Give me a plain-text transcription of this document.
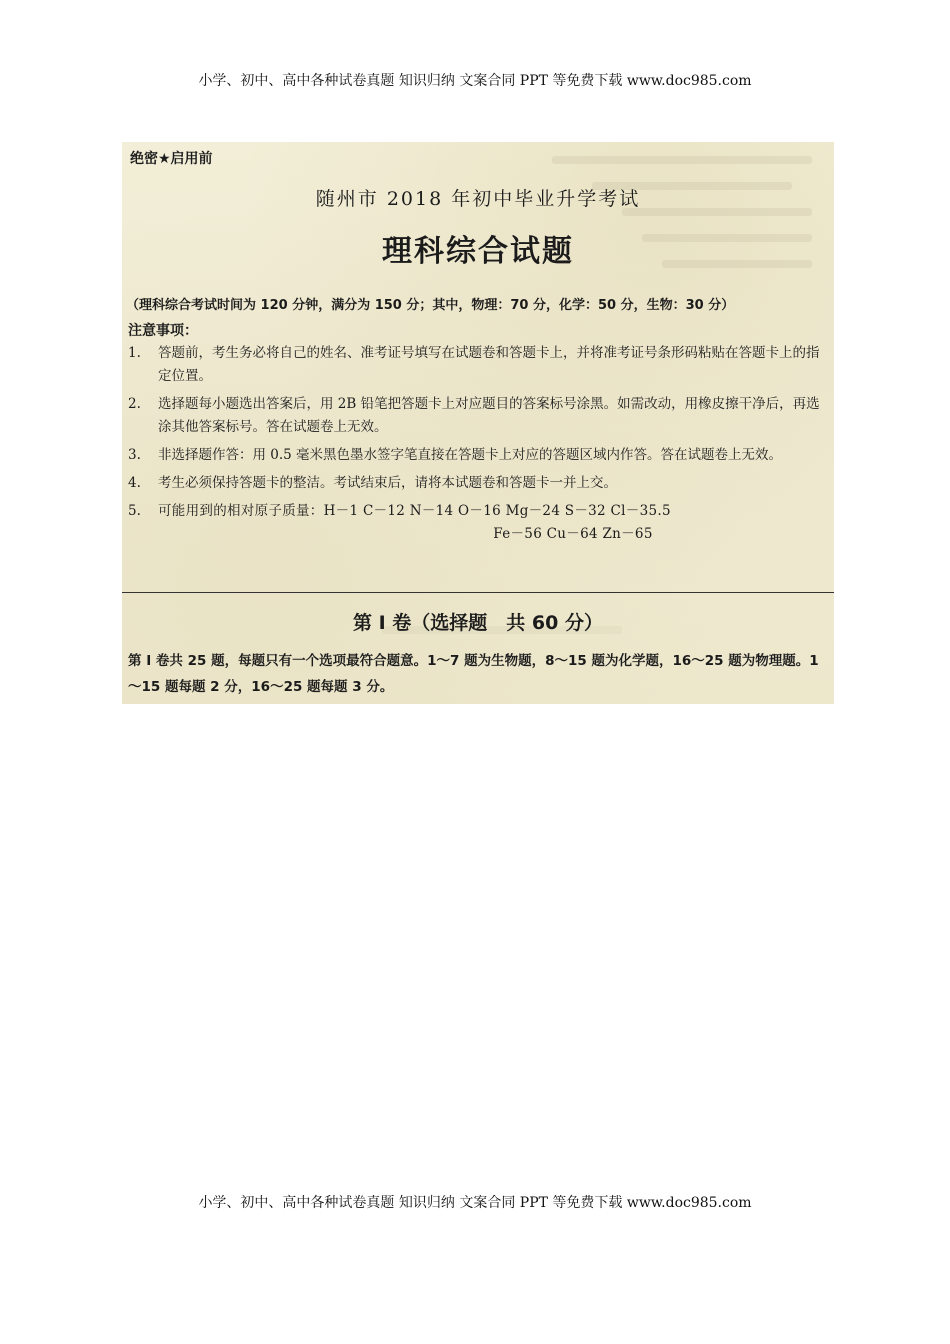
小学、初中、高中各种试卷真题 知识归纳 文案合同 PPT 等免费下载 www.doc985.com
绝密★启用前
随州市 2018 年初中毕业升学考试
理科综合试题
（理科综合考试时间为 120 分钟，满分为 150 分；其中，物理：70 分，化学：50 分，生物：30 分）
注意事项：
1. 答题前，考生务必将自己的姓名、准考证号填写在试题卷和答题卡上，并将准考证号条形码粘贴在答题卡上的指定位置。
2. 选择题每小题选出答案后，用 2B 铅笔把答题卡上对应题目的答案标号涂黑。如需改动，用橡皮擦干净后，再选涂其他答案标号。答在试题卷上无效。
3. 非选择题作答：用 0.5 毫米黑色墨水签字笔直接在答题卡上对应的答题区域内作答。答在试题卷上无效。
4. 考生必须保持答题卡的整洁。考试结束后，请将本试题卷和答题卡一并上交。
5. 可能用到的相对原子质量：H－1 C－12 N－14 O－16 Mg－24 S－32 Cl－35.5
Fe－56 Cu－64 Zn－65
第 I 卷（选择题　共 60 分）
第 I 卷共 25 题，每题只有一个选项最符合题意。1～7 题为生物题，8～15 题为化学题，16～25 题为物理题。1～15 题每题 2 分，16～25 题每题 3 分。
小学、初中、高中各种试卷真题 知识归纳 文案合同 PPT 等免费下载 www.doc985.com
